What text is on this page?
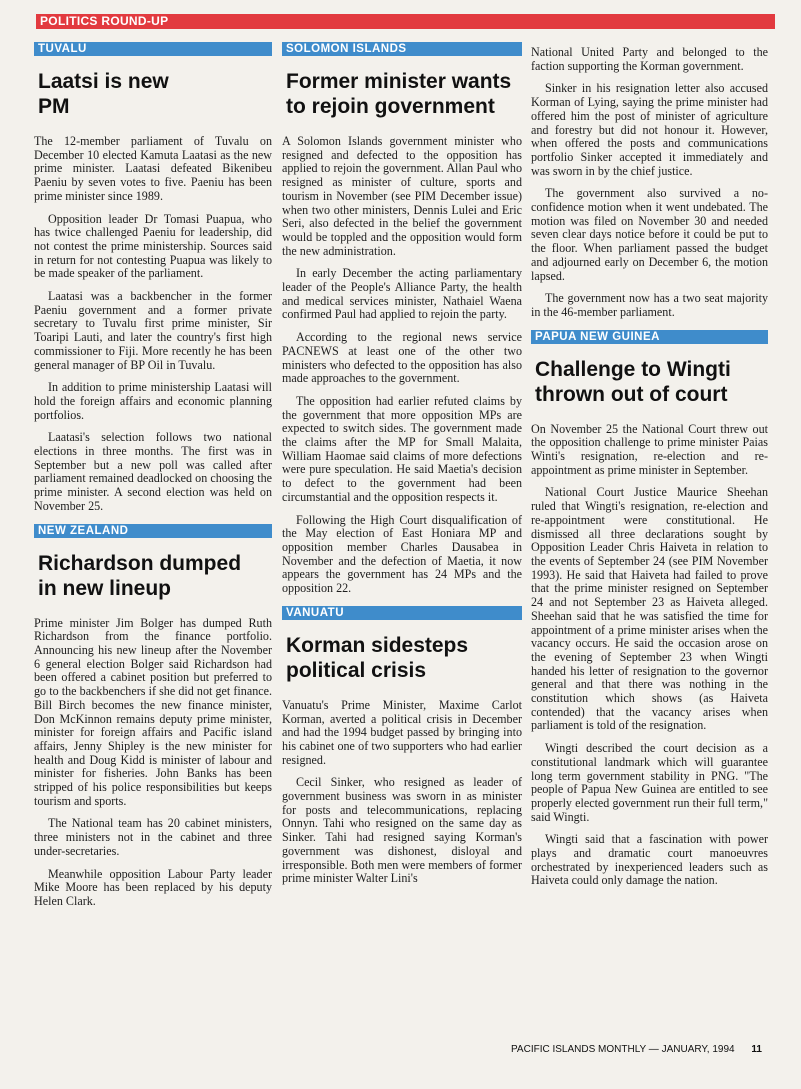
POLITICS ROUND-UP
TUVALU
Laatsi is new PM

The 12-member parliament of Tuvalu on December 10 elected Kamuta Laatasi as the new prime minister. Laatasi defeated Bikenibeu Paeniu by seven votes to five. Paeniu has been prime minister since 1989.

Opposition leader Dr Tomasi Puapua, who has twice challenged Paeniu for leadership, did not contest the prime ministership. Sources said in return for not contesting Puapua was likely to be made speaker of the parliament.

Laatasi was a backbencher in the former Paeniu government and a former private secretary to Tuvalu first prime minister, Sir Toaripi Lauti, and later the country's first high commissioner to Fiji. More recently he has been general manager of BP Oil in Tuvalu.

In addition to prime ministership Laatasi will hold the foreign affairs and economic planning portfolios.

Laatasi's selection follows two national elections in three months. The first was in September but a new poll was called after parliament remained deadlocked on choosing the prime minister. A second election was held on November 25.

NEW ZEALAND
Richardson dumped in new lineup

Prime minister Jim Bolger has dumped Ruth Richardson from the finance portfolio. Announcing his new lineup after the November 6 general election Bolger said Richardson had been offered a cabinet position but preferred to go to the backbenchers if she did not get finance. Bill Birch becomes the new finance minister, Don McKinnon remains deputy prime minister, minister for foreign affairs and Pacific island affairs, Jenny Shipley is the new minister for health and Doug Kidd is minister of labour and minister for fisheries. John Banks has been stripped of his police responsibilities but keeps tourism and sports.

The National team has 20 cabinet ministers, three ministers not in the cabinet and three under-secretaries.

Meanwhile opposition Labour Party leader Mike Moore has been replaced by his deputy Helen Clark.

SOLOMON ISLANDS
Former minister wants to rejoin government

A Solomon Islands government minister who resigned and defected to the opposition has applied to rejoin the government. Allan Paul who resigned as minister of culture, sports and tourism in November (see PIM December issue) when two other ministers, Dennis Lulei and Eric Seri, also defected in the belief the government would be toppled and the opposition would form the new administration.

In early December the acting parliamentary leader of the People's Alliance Party, the health and medical services minister, Nathaiel Waena confirmed Paul had applied to rejoin the party.

According to the regional news service PACNEWS at least one of the other two ministers who defected to the opposition has also made approaches to the government.

The opposition had earlier refuted claims by the government that more opposition MPs are expected to switch sides. The government made the claims after the MP for Small Malaita, William Haomae said claims of more defections were pure speculation. He said Maetia's decision to defect to the government had been circumstantial and the opposition respects it.

Following the High Court disqualification of the May election of East Honiara MP and opposition member Charles Dausabea in November and the defection of Maetia, it now appears the government has 24 MPs and the opposition 22.

VANUATU
Korman sidesteps political crisis

Vanuatu's Prime Minister, Maxime Carlot Korman, averted a political crisis in December and had the 1994 budget passed by bringing into his cabinet one of two supporters who had earlier resigned.

Cecil Sinker, who resigned as leader of government business was sworn in as minister for posts and telecommunications, replacing Onnyn. Tahi who resigned on the same day as Sinker. Tahi had resigned saying Korman's government was dishonest, disloyal and irresponsible. Both men were members of former prime minister Walter Lini's

National United Party and belonged to the faction supporting the Korman government.

Sinker in his resignation letter also accused Korman of Lying, saying the prime minister had offered him the post of minister of agriculture and forestry but did not honour it. However, when offered the posts and communications portfolio Sinker accepted it immediately and was sworn in by the chief justice.

The government also survived a no-confidence motion when it went undebated. The motion was filed on November 30 and needed seven clear days notice before it could be put to the floor. When parliament passed the budget and adjourned early on December 6, the motion lapsed.

The government now has a two seat majority in the 46-member parliament.

PAPUA NEW GUINEA
Challenge to Wingti thrown out of court

On November 25 the National Court threw out the opposition challenge to prime minister Paias Winti's resignation, re-election and re-appointment as prime minister in September.

National Court Justice Maurice Sheehan ruled that Wingti's resignation, re-election and re-appointment were constitutional. He dismissed all three declarations sought by Opposition Leader Chris Haiveta in relation to the events of September 24 (see PIM November 1993). He said that Haiveta had failed to prove that the prime minister resigned on September 24 and not September 23 as Haiveta alleged. Sheehan said that he was satisfied the time for appointment of a prime minister arises when the vacancy occurs. He said the occasion arose on the evening of September 23 when Wingti handed his letter of resignation to the governor general and that there was nothing in the constitution which shows (as Haiveta contended) that the vacancy arises when parliament is told of the resignation.

Wingti described the court decision as a constitutional landmark which will guarantee long term government stability in PNG. "The people of Papua New Guinea are entitled to see properly elected government run their full term," said Wingti.

Wingti said that a fascination with power plays and dramatic court manoeuvres orchestrated by inexperienced leaders such as Haiveta could only damage the nation.

PACIFIC ISLANDS MONTHLY — JANUARY, 1994 11
